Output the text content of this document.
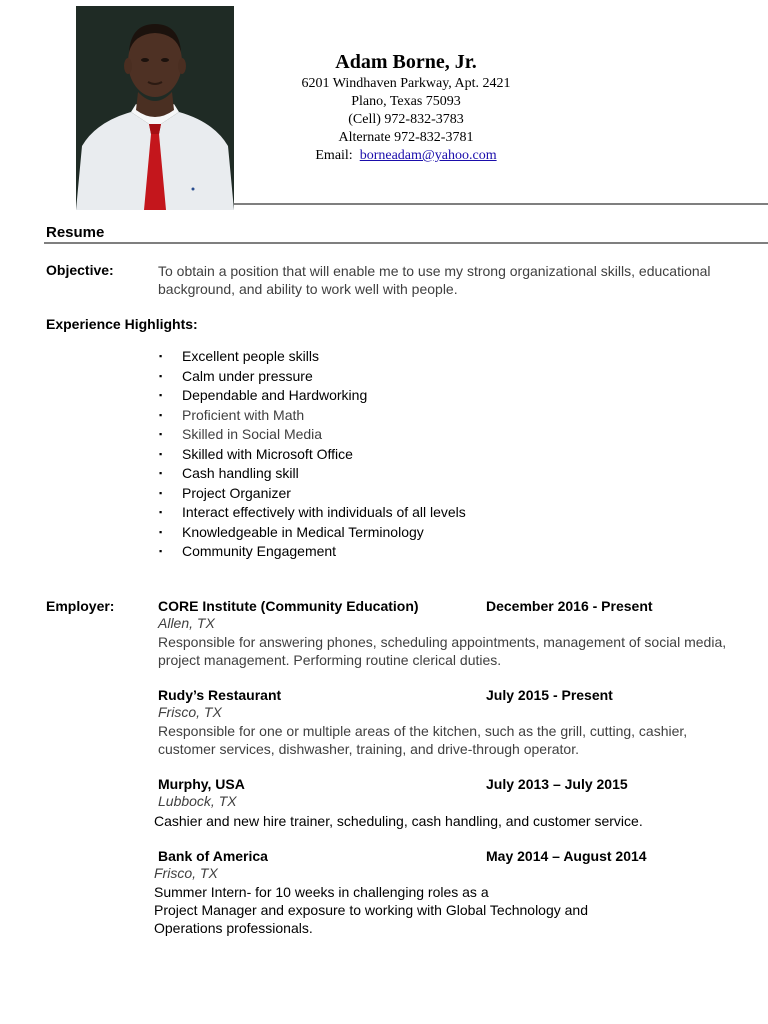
Adam Borne, Jr.
6201 Windhaven Parkway, Apt. 2421
Plano, Texas 75093
(Cell) 972-832-3783
Alternate 972-832-3781
Email: borneadam@yahoo.com
Resume
Objective:	To obtain a position that will enable me to use my strong organizational skills, educational background, and ability to work well with people.
Experience Highlights:
▪ Excellent people skills
▪ Calm under pressure
▪ Dependable and Hardworking
▪ Proficient with Math
▪ Skilled in Social Media
▪ Skilled with Microsoft Office
▪ Cash handling skill
▪ Project Organizer
▪ Interact effectively with individuals of all levels
▪ Knowledgeable in Medical Terminology
▪ Community Engagement
Employer:	CORE Institute (Community Education)	December 2016 - Present
Allen, TX
Responsible for answering phones, scheduling appointments, management of social media, project management. Performing routine clerical duties.
Rudy’s Restaurant	July 2015 - Present
Frisco, TX
Responsible for one or multiple areas of the kitchen, such as the grill, cutting, cashier, customer services, dishwasher, training, and drive-through operator.
Murphy, USA	July 2013 – July 2015
Lubbock, TX
Cashier and new hire trainer, scheduling, cash handling, and customer service.
Bank of America	May 2014 – August 2014
Frisco, TX
Summer Intern- for 10 weeks in challenging roles as a
Project Manager and exposure to working with Global Technology and
Operations professionals.
